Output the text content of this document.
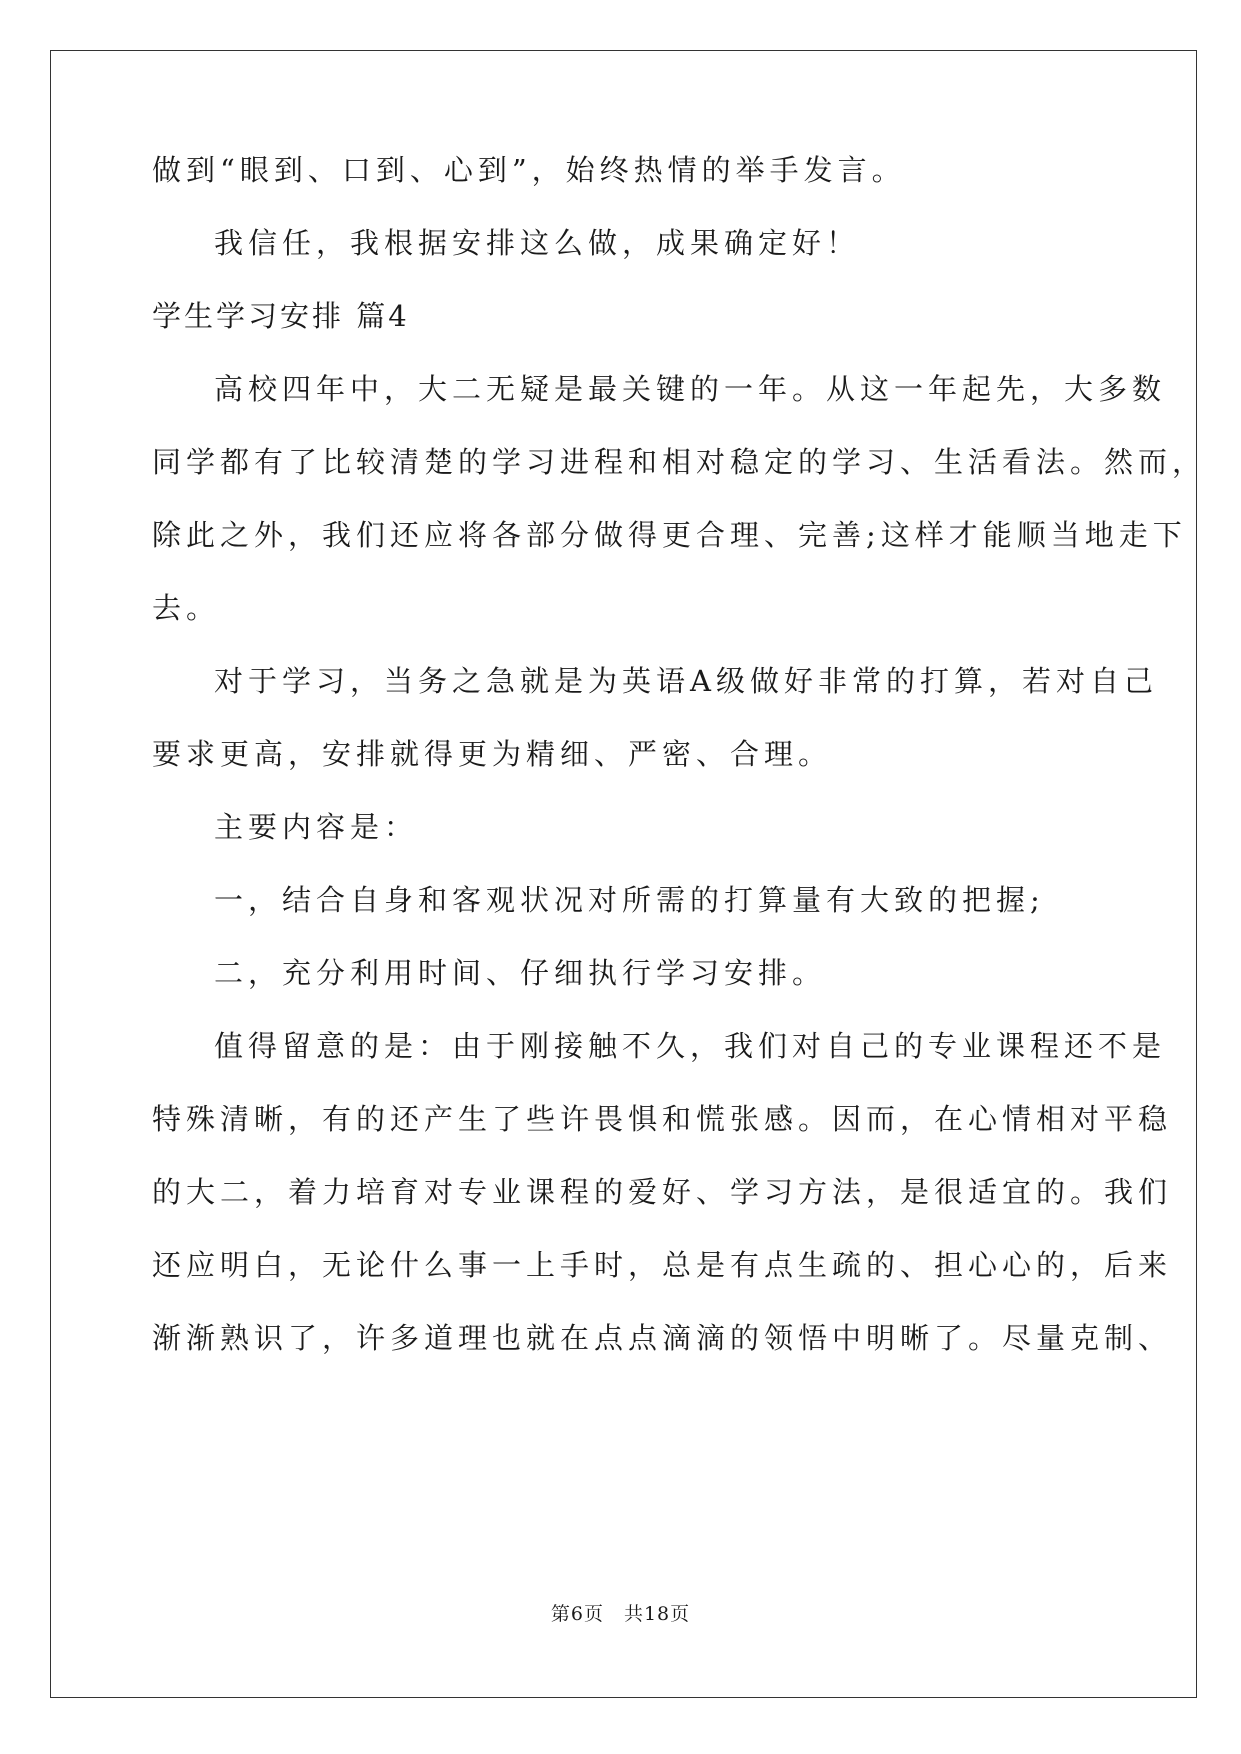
做到“眼到、口到、心到”，始终热情的举手发言。
我信任，我根据安排这么做，成果确定好！
学生学习安排 篇4
高校四年中，大二无疑是最关键的一年。从这一年起先，大多数
同学都有了比较清楚的学习进程和相对稳定的学习、生活看法。然而，
除此之外，我们还应将各部分做得更合理、完善;这样才能顺当地走下
去。
对于学习，当务之急就是为英语A级做好非常的打算，若对自己
要求更高，安排就得更为精细、严密、合理。
主要内容是：
一，结合自身和客观状况对所需的打算量有大致的把握;
二，充分利用时间、仔细执行学习安排。
值得留意的是：由于刚接触不久，我们对自己的专业课程还不是
特殊清晰，有的还产生了些许畏惧和慌张感。因而，在心情相对平稳
的大二，着力培育对专业课程的爱好、学习方法，是很适宜的。我们
还应明白，无论什么事一上手时，总是有点生疏的、担心心的，后来
渐渐熟识了，许多道理也就在点点滴滴的领悟中明晰了。尽量克制、
第6页　共18页
